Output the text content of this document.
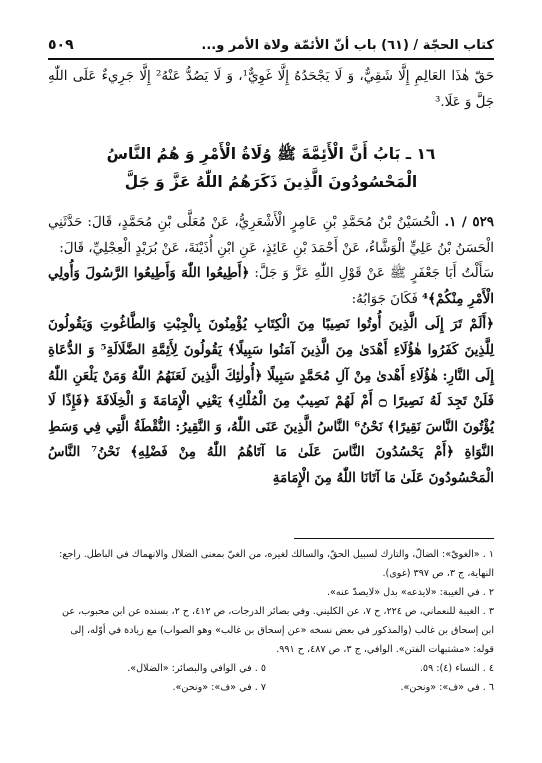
كتاب الحجّة / (٦١) باب أنّ الأئمّة ولاة الأمر و...
٥٠٩
حَقّ هٰذَا العَالِمِ إِلَّا شَقِيٌّ، وَ لَا يَجْحَدُهُ إِلَّا غَوِيٌّ¹، وَ لَا يَصُدُّ عَنْهُ² إِلَّا جَرِيءٌ عَلَى اللّٰهِ جَلَّ وَ عَلَا.³
١٦ ـ بَابُ أَنَّ الْأَئِمَّةَ ﷺ وُلَاةُ الْأَمْرِ وَ هُمُ النَّاسُ
الْمَحْسُودُونَ الَّذِينَ ذَكَرَهُمُ اللّٰهُ عَزَّ وَ جَلَّ

٥٢٩ / ١. الْحُسَيْنُ بْنُ مُحَمَّدِ بْنِ عَامِرٍ الْأَشْعَرِيُّ، عَنْ مُعَلَّى بْنِ مُحَمَّدٍ، قَالَ: حَدَّثَنِي الْحَسَنُ بْنُ عَلِيٍّ الْوَشَّاءُ، عَنْ أَحْمَدَ بْنِ عَائِذٍ، عَنِ ابْنِ أُذَيْنَةَ، عَنْ بُرَيْدٍ الْعِجْلِيِّ، قَالَ:

سَأَلْتُ أَبَا جَعْفَرٍ ﷺ عَنْ قَوْلِ اللّٰهِ عَزَّ وَ جَلَّ: ﴿أَطِيعُوا اللّٰهَ وَأَطِيعُوا الرَّسُولَ وَأُولِي الْأَمْرِ مِنْكُمْ﴾⁴ فَكَانَ جَوَابُهُ:

﴿أَلَمْ تَرَ إِلَى الَّذِينَ أُوتُوا نَصِيبًا مِنَ الْكِتَابِ يُؤْمِنُونَ بِالْجِبْتِ وَالطَّاغُوتِ وَيَقُولُونَ لِلَّذِينَ كَفَرُوا هٰؤُلَاءِ أَهْدَىٰ مِنَ الَّذِينَ آمَنُوا سَبِيلًا﴾ يَقُولُونَ لِأَئِمَّةِ الضَّلَالَةِ⁵ وَ الدُّعَاةِ إِلَى النَّارِ: هٰؤُلَاءِ أَهْدىٰ مِنْ آلِ مُحَمَّدٍ سَبِيلًا ﴿أُولٰئِكَ الَّذِينَ لَعَنَهُمُ اللّٰهُ وَمَنْ يَلْعَنِ اللّٰهُ فَلَنْ تَجِدَ لَهُ نَصِيرًا ۝ أَمْ لَهُمْ نَصِيبٌ مِنَ الْمُلْكِ﴾ يَعْنِي الْإِمَامَةَ وَ الْخِلَافَةَ ﴿فَإِذًا لَا يُؤْتُونَ النَّاسَ نَقِيرًا﴾ نَحْنُ⁶ النَّاسُ الَّذِينَ عَنَى اللّٰهُ، وَ النَّقِيرُ: النُّقْطَةُ الَّتِي فِي وَسَطِ النَّوَاةِ ﴿أَمْ يَحْسُدُونَ النَّاسَ عَلَىٰ مَا آتَاهُمُ اللّٰهُ مِنْ فَضْلِهِ﴾ نَحْنُ⁷ النَّاسُ الْمَحْسُودُونَ عَلَىٰ مَا آتَانَا اللّٰهُ مِنَ الْإِمَامَةِ

١ . «الغويّ»: الضالّ، والتارك لسبيل الحقّ، والسالك لغيره، من الغيّ بمعنى الضلال والانهماك في الباطل. راجع: النهاية، ج ٣، ص ٣٩٧ (غوى).
٢ . في الغيبة: «لايدعه» بدل «لايصدّ عنه».
٣ . الغيبة للنعماني، ص ٢٢٤، ح ٧، عن الكليني. وفي بصائر الدرجات، ص ٤١٢، ح ٢، بسنده عن ابن محبوب، عن ابن إسحاق بن غالب (والمذكور في بعض نسخه «عن إسحاق بن غالب» وهو الصواب) مع زيادة في أوّله، إلى قوله: «مشتبهات الفتن». الوافي، ج ٣، ص ٤٨٧، ح ٩٩١.
٤ . النساء (٤): ٥٩.
٥ . في الوافي والبصائر: «الضلال».
٦ . في «ف»: «ونحن».
٧ . في «ف»: «ونحن».
